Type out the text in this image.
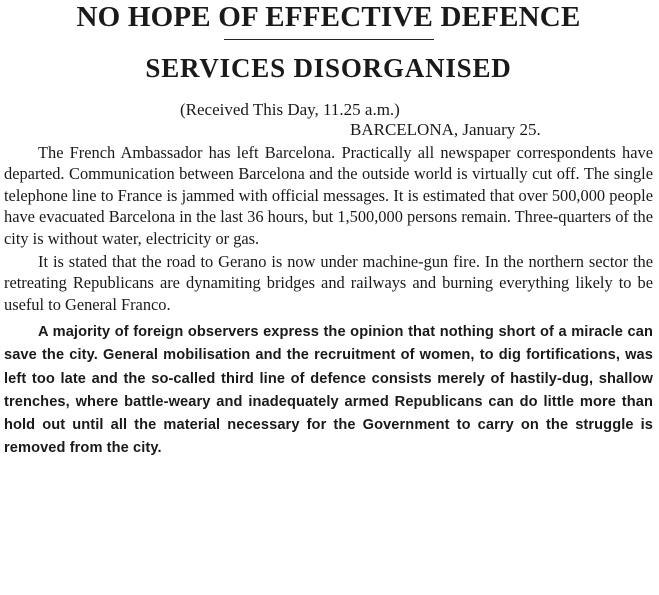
NO HOPE OF EFFECTIVE DEFENCE
SERVICES DISORGANISED
(Received This Day, 11.25 a.m.)
BARCELONA, January 25.

The French Ambassador has left Barcelona. Practically all newspaper correspondents have departed. Communication between Barcelona and the outside world is virtually cut off. The single telephone line to France is jammed with official messages. It is estimated that over 500,000 people have evacuated Barcelona in the last 36 hours, but 1,500,000 persons remain. Three-quarters of the city is without water, electricity or gas.

It is stated that the road to Gerano is now under machine-gun fire. In the northern sector the retreating Republicans are dynamiting bridges and railways and burning everything likely to be useful to General Franco.

A majority of foreign observers express the opinion that nothing short of a miracle can save the city. General mobilisation and the recruitment of women, to dig fortifications, was left too late and the so-called third line of defence consists merely of hastily-dug, shallow trenches, where battle-weary and inadequately armed Republicans can do little more than hold out until all the material necessary for the Government to carry on the struggle is removed from the city.
